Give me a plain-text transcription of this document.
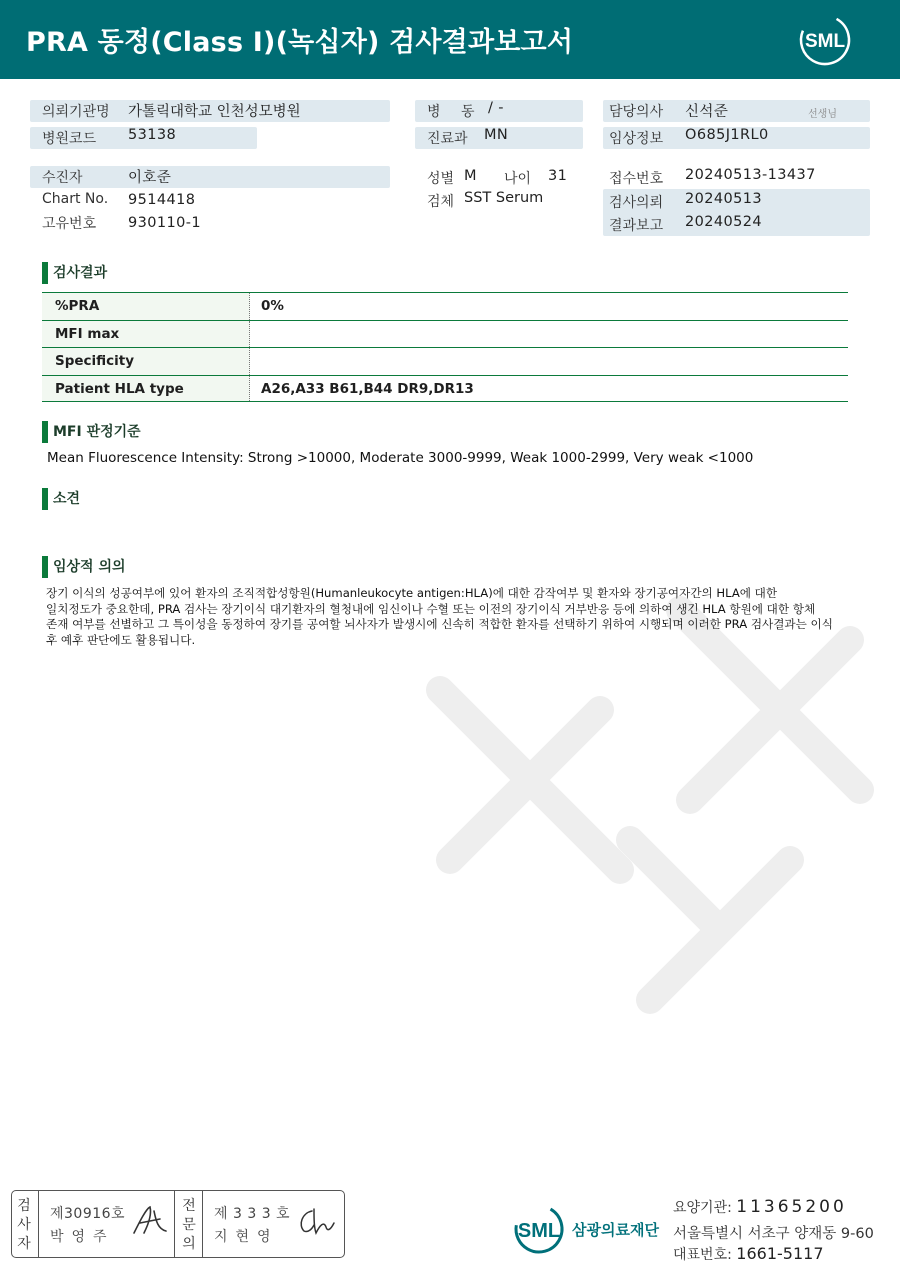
PRA 동정(Class I)(녹십자) 검사결과보고서	SML
의뢰기관명 가톨릭대학교 인천성모병원	병 동 / -	담당의사 신석준	선생님
병원코드 53138	진료과 MN	임상정보 O685J1RL0
수진자	이호준	성별 M 나이 31	접수번호 20240513-13437
Chart No. 9514418
고유번호 930110-1
검체 SST Serum	검사의뢰 20240513
결과보고 20240524
검사결과
%PRA	0%
MFI max
Specificity
Patient HLA type	A26,A33 B61,B44 DR9,DR13
MFI 판정기준
Mean Fluorescence Intensity: Strong >10000, Moderate 3000-9999, Weak 1000-2999, Very weak <1000
소견
임상적 의의
장기 이식의 성공여부에 있어 환자의 조직적합성항원(Humanleukocyte antigen:HLA)에 대한 감작여부 및 환자와 장기공여자간의 HLA에 대한
일치정도가 중요한데, PRA 검사는 장기이식 대기환자의 혈청내에 임신이나 수혈 또는 이전의 장기이식 거부반응 등에 의하여 생긴 HLA 항원에 대한 항체
존재 여부를 선별하고 그 특이성을 동정하여 장기를 공여할 뇌사자가 발생시에 신속히 적합한 환자를 선택하기 위하여 시행되며 이러한 PRA 검사결과는 이식
후 예후 판단에도 활용됩니다.
검
사
자
제30916호
박영주
전
문
의
제 3 3 3 호
지현영	SML 삼광의료재단
요양기관: 11365200
서울특별시 서초구 양재동 9-60
대표번호: 1661-5117
